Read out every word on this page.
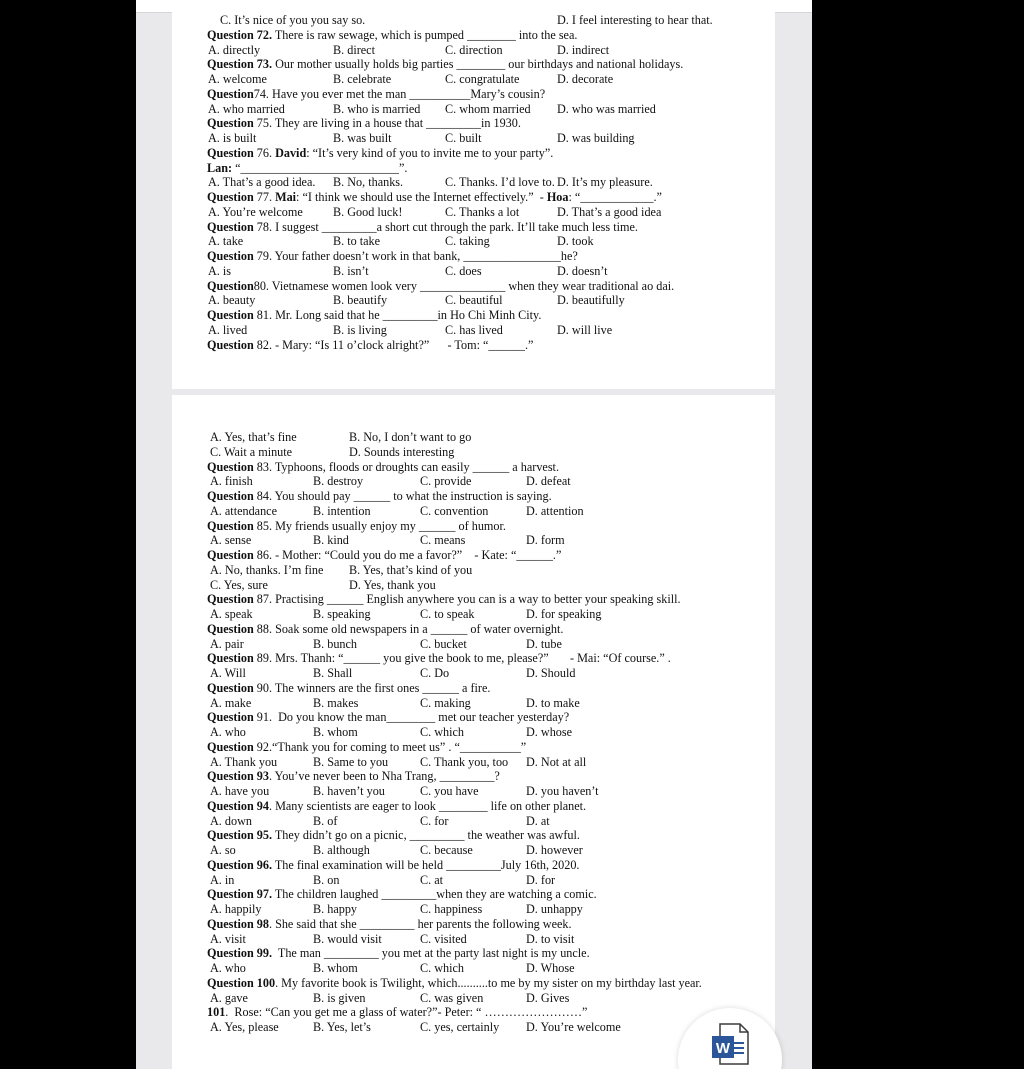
C. It’s nice of you you say so.	D. I feel interesting to hear that.
Question 72. There is raw sewage, which is pumped ________ into the sea.
A. directly	B. direct	C. direction	D. indirect
Question 73. Our mother usually holds big parties ________ our birthdays and national holidays.
A. welcome	B. celebrate	C. congratulate	D. decorate
Question74. Have you ever met the man __________Mary’s cousin?
A. who married	B. who is married C. whom married D. who was married
Question 75. They are living in a house that _________in 1930.
A. is built	B. was built	C. built	D. was building
Question 76. David: “It’s very kind of you to invite me to your party”.
Lan: “__________________________”.
A. That’s a good idea. B. No, thanks.	C. Thanks. I’d love to. D. It’s my pleasure.
Question 77. Mai: “I think we should use the Internet effectively.”  - Hoa: “____________.”
A. You’re welcome B. Good luck!	C. Thanks a lot	D. That’s a good idea
Question 78. I suggest _________a short cut through the park. It’ll take much less time.
A. take	B. to take	C. taking	D. took
Question 79. Your father doesn’t work in that bank, ________________he?
A. is	B. isn’t	C. does	D. doesn’t
Question80. Vietnamese women look very ______________ when they wear traditional ao dai.
A. beauty	B. beautify	C. beautiful	D. beautifully
Question 81. Mr. Long said that he _________in Ho Chi Minh City.
A. lived	B. is living	C. has lived	D. will live
Question 82. - Mary: “Is 11 o’clock alright?”      - Tom: “______.”
A. Yes, that’s fine	B. No, I don’t want to go
C. Wait a minute	D. Sounds interesting
Question 83. Typhoons, floods or droughts can easily ______ a harvest.
A. finish	B. destroy	C. provide	D. defeat
Question 84. You should pay ______ to what the instruction is saying.
A. attendance	B. intention	C. convention	D. attention
Question 85. My friends usually enjoy my ______ of humor.
A. sense	B. kind	C. means	D. form
Question 86. - Mother: “Could you do me a favor?”    - Kate: “______.”
A. No, thanks. I’m fine B. Yes, that’s kind of you
C. Yes, sure	D. Yes, thank you
Question 87. Practising ______ English anywhere you can is a way to better your speaking skill.
A. speak	B. speaking	C. to speak	D. for speaking
Question 88. Soak some old newspapers in a ______ of water overnight.
A. pair	B. bunch	C. bucket	D. tube
Question 89. Mrs. Thanh: “______ you give the book to me, please?”       - Mai: “Of course.” .
A. Will	B. Shall	C. Do	D. Should
Question 90. The winners are the first ones ______ a fire.
A. make	B. makes	C. making	D. to make
Question 91.  Do you know the man________ met our teacher yesterday?
A. who	B. whom	C. which	D. whose
Question 92.“Thank you for coming to meet us” . “__________”
A. Thank you	B. Same to you	C. Thank you, too D. Not at all
Question 93. You’ve never been to Nha Trang, _________?
A. have you	B. haven’t you	C. you have	D. you haven’t
Question 94. Many scientists are eager to look ________ life on other planet.
A. down	B. of	C. for	D. at
Question 95. They didn’t go on a picnic, _________ the weather was awful.
A. so	B. although	C. because	D. however
Question 96. The final examination will be held _________July 16th, 2020.
A. in	B. on	C. at	D. for
Question 97. The children laughed _________when they are watching a comic.
A. happily	B. happy	C. happiness	D. unhappy
Question 98. She said that she _________ her parents the following week.
A. visit	B. would visit	C. visited	D. to visit
Question 99.  The man _________ you met at the party last night is my uncle.
A. who	B. whom	C. which	D. Whose
Question 100. My favorite book is Twilight, which..........to me by my sister on my birthday last year.
A. gave	B. is given	C. was given	D. Gives
101.  Rose: “Can you get me a glass of water?”- Peter: “ ……………………”
A. Yes, please	B. Yes, let’s	C. yes, certainly D. You’re welcome
W
